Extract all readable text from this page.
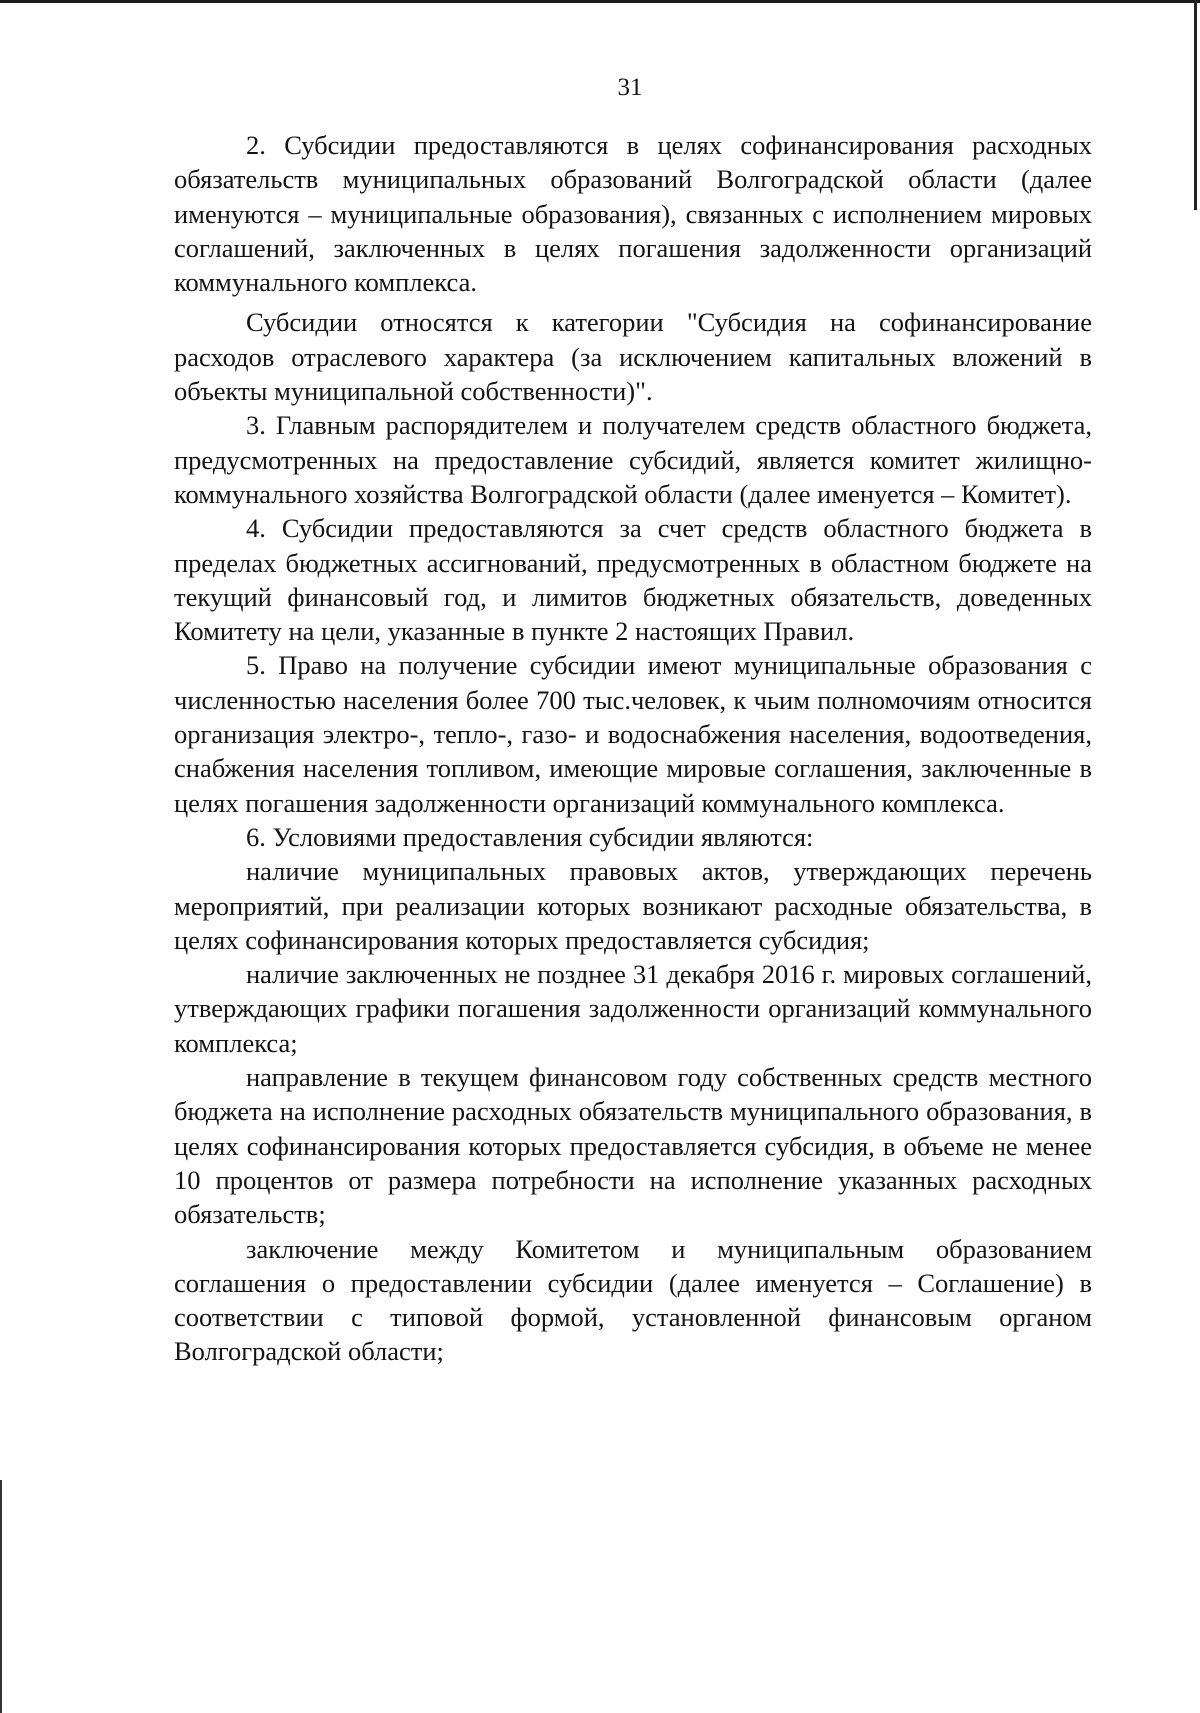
31

2. Субсидии предоставляются в целях софинансирования расходных обязательств муниципальных образований Волгоградской области (далее именуются – муниципальные образования), связанных с исполнением мировых соглашений, заключенных в целях погашения задолженности организаций коммунального комплекса.

Субсидии относятся к категории "Субсидия на софинансирование расходов отраслевого характера (за исключением капитальных вложений в объекты муниципальной собственности)".

3. Главным распорядителем и получателем средств областного бюджета, предусмотренных на предоставление субсидий, является комитет жилищно-коммунального хозяйства Волгоградской области (далее именуется – Комитет).

4. Субсидии предоставляются за счет средств областного бюджета в пределах бюджетных ассигнований, предусмотренных в областном бюджете на текущий финансовый год, и лимитов бюджетных обязательств, доведенных Комитету на цели, указанные в пункте 2 настоящих Правил.

5. Право на получение субсидии имеют муниципальные образования с численностью населения более 700 тыс.человек, к чьим полномочиям относится организация электро-, тепло-, газо- и водоснабжения населения, водоотведения, снабжения населения топливом, имеющие мировые соглашения, заключенные в целях погашения задолженности организаций коммунального комплекса.

6. Условиями предоставления субсидии являются:

наличие муниципальных правовых актов, утверждающих перечень мероприятий, при реализации которых возникают расходные обязательства, в целях софинансирования которых предоставляется субсидия;

наличие заключенных не позднее 31 декабря 2016 г. мировых соглашений, утверждающих графики погашения задолженности организаций коммунального комплекса;

направление в текущем финансовом году собственных средств местного бюджета на исполнение расходных обязательств муниципального образования, в целях софинансирования которых предоставляется субсидия, в объеме не менее 10 процентов от размера потребности на исполнение указанных расходных обязательств;

заключение между Комитетом и муниципальным образованием соглашения о предоставлении субсидии (далее именуется – Соглашение) в соответствии с типовой формой, установленной финансовым органом Волгоградской области;
